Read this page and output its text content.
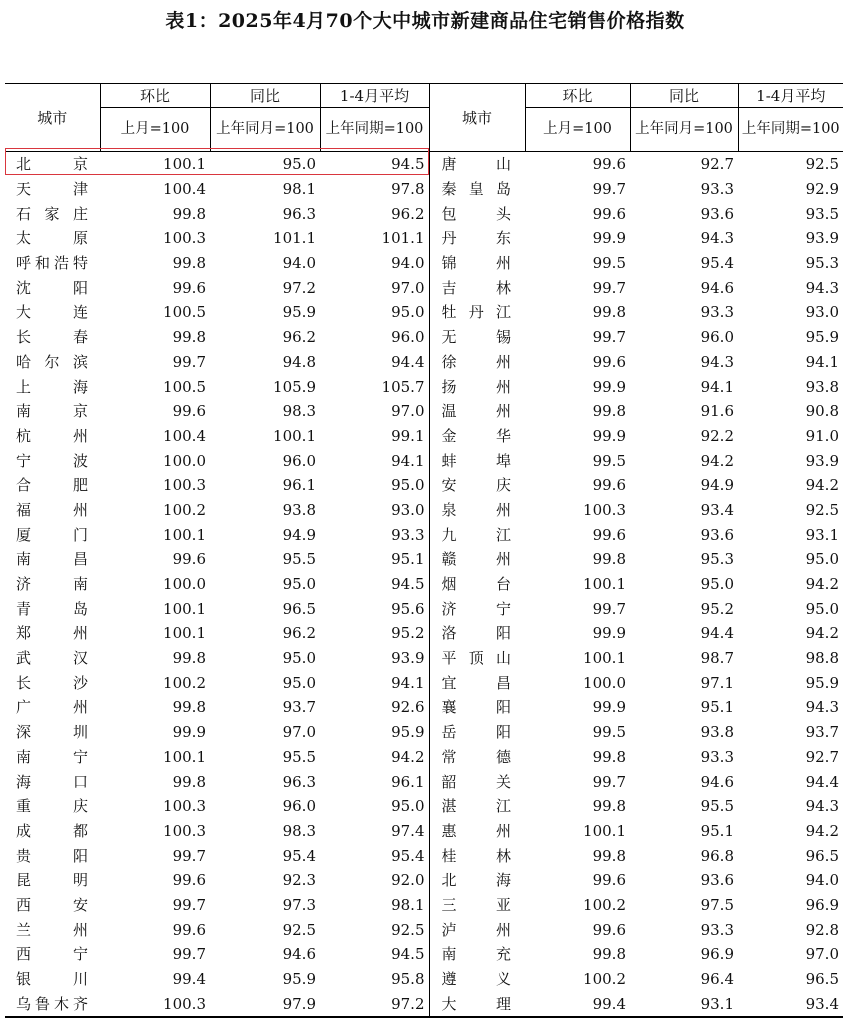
表1：2025年4月70个大中城市新建商品住宅销售价格指数
城市	环比	同比	1-4月平均	城市	环比	同比	1-4月平均
	上月=100	上年同月=100	上年同期=100		上月=100	上年同月=100	上年同期=100
北京	100.1	95.0	94.5	唐山	99.6	92.7	92.5
天津	100.4	98.1	97.8	秦皇岛	99.7	93.3	92.9
石家庄	99.8	96.3	96.2	包头	99.6	93.6	93.5
太原	100.3	101.1	101.1	丹东	99.9	94.3	93.9
呼和浩特	99.8	94.0	94.0	锦州	99.5	95.4	95.3
沈阳	99.6	97.2	97.0	吉林	99.7	94.6	94.3
大连	100.5	95.9	95.0	牡丹江	99.8	93.3	93.0
长春	99.8	96.2	96.0	无锡	99.7	96.0	95.9
哈尔滨	99.7	94.8	94.4	徐州	99.6	94.3	94.1
上海	100.5	105.9	105.7	扬州	99.9	94.1	93.8
南京	99.6	98.3	97.0	温州	99.8	91.6	90.8
杭州	100.4	100.1	99.1	金华	99.9	92.2	91.0
宁波	100.0	96.0	94.1	蚌埠	99.5	94.2	93.9
合肥	100.3	96.1	95.0	安庆	99.6	94.9	94.2
福州	100.2	93.8	93.0	泉州	100.3	93.4	92.5
厦门	100.1	94.9	93.3	九江	99.6	93.6	93.1
南昌	99.6	95.5	95.1	赣州	99.8	95.3	95.0
济南	100.0	95.0	94.5	烟台	100.1	95.0	94.2
青岛	100.1	96.5	95.6	济宁	99.7	95.2	95.0
郑州	100.1	96.2	95.2	洛阳	99.9	94.4	94.2
武汉	99.8	95.0	93.9	平顶山	100.1	98.7	98.8
长沙	100.2	95.0	94.1	宜昌	100.0	97.1	95.9
广州	99.8	93.7	92.6	襄阳	99.9	95.1	94.3
深圳	99.9	97.0	95.9	岳阳	99.5	93.8	93.7
南宁	100.1	95.5	94.2	常德	99.8	93.3	92.7
海口	99.8	96.3	96.1	韶关	99.7	94.6	94.4
重庆	100.3	96.0	95.0	湛江	99.8	95.5	94.3
成都	100.3	98.3	97.4	惠州	100.1	95.1	94.2
贵阳	99.7	95.4	95.4	桂林	99.8	96.8	96.5
昆明	99.6	92.3	92.0	北海	99.6	93.6	94.0
西安	99.7	97.3	98.1	三亚	100.2	97.5	96.9
兰州	99.6	92.5	92.5	泸州	99.6	93.3	92.8
西宁	99.7	94.6	94.5	南充	99.8	96.9	97.0
银川	99.4	95.9	95.8	遵义	100.2	96.4	96.5
乌鲁木齐	100.3	97.9	97.2	大理	99.4	93.1	93.4
